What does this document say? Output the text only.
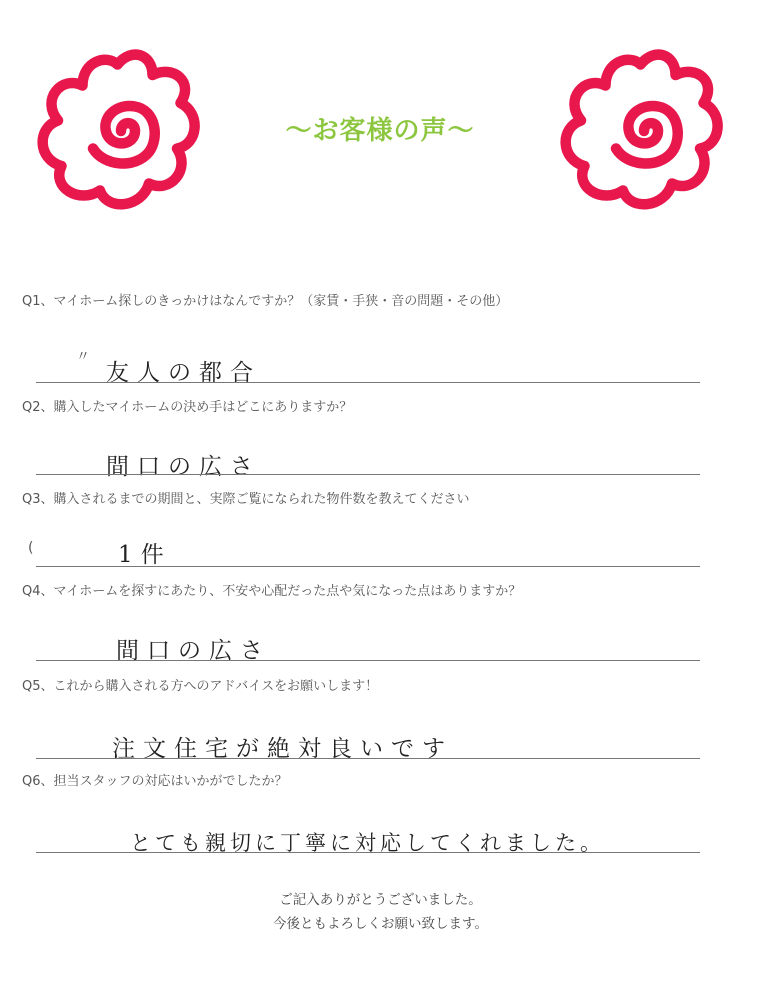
〜お客様の声〜
Q1、マイホーム探しのきっかけはなんですか？（家賃・手狭・音の問題・その他）
〃
友人の都合
Q2、購入したマイホームの決め手はどこにありますか？
間口の広さ
Q3、購入されるまでの期間と、実際ご覧になられた物件数を教えてください
(	1件
Q4、マイホームを探すにあたり、不安や心配だった点や気になった点はありますか？
間口の広さ
Q5、これから購入される方へのアドバイスをお願いします！
注文住宅が絶対良いです
Q6、担当スタッフの対応はいかがでしたか？
とても親切に丁寧に対応してくれました。
ご記入ありがとうございました。
今後ともよろしくお願い致します。
